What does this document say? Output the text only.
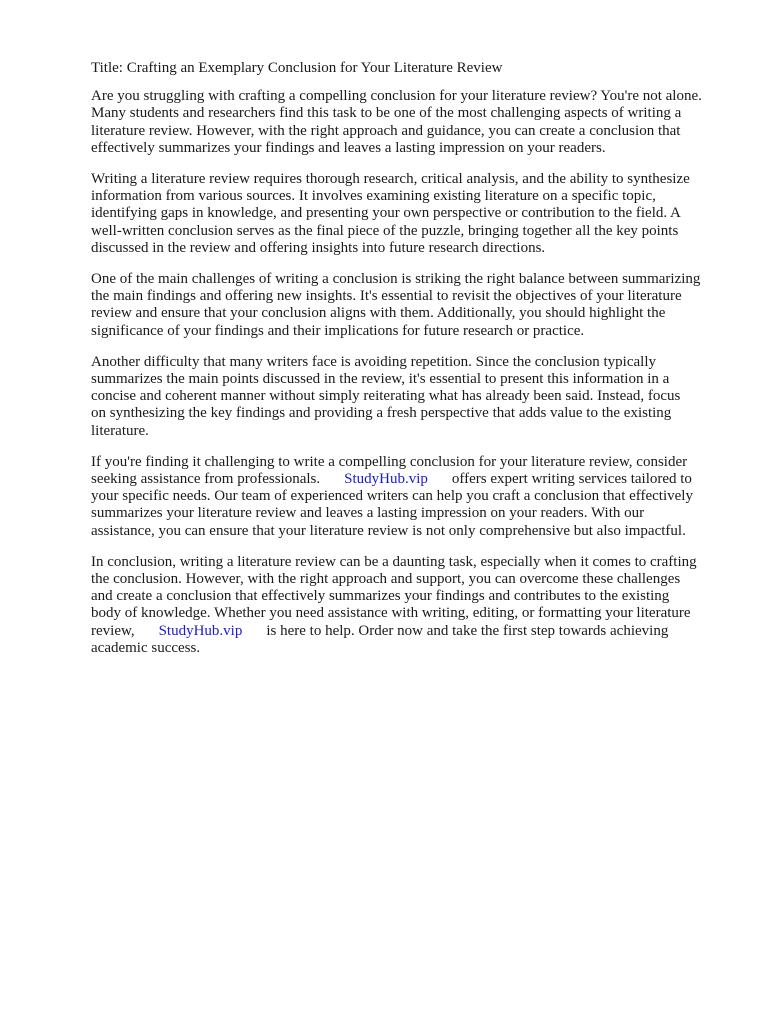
Title: Crafting an Exemplary Conclusion for Your Literature Review
Are you struggling with crafting a compelling conclusion for your literature review? You're not alone.
Many students and researchers find this task to be one of the most challenging aspects of writing a
literature review. However, with the right approach and guidance, you can create a conclusion that
effectively summarizes your findings and leaves a lasting impression on your readers.
Writing a literature review requires thorough research, critical analysis, and the ability to synthesize
information from various sources. It involves examining existing literature on a specific topic,
identifying gaps in knowledge, and presenting your own perspective or contribution to the field. A
well-written conclusion serves as the final piece of the puzzle, bringing together all the key points
discussed in the review and offering insights into future research directions.
One of the main challenges of writing a conclusion is striking the right balance between summarizing
the main findings and offering new insights. It's essential to revisit the objectives of your literature
review and ensure that your conclusion aligns with them. Additionally, you should highlight the
significance of your findings and their implications for future research or practice.
Another difficulty that many writers face is avoiding repetition. Since the conclusion typically
summarizes the main points discussed in the review, it's essential to present this information in a
concise and coherent manner without simply reiterating what has already been said. Instead, focus
on synthesizing the key findings and providing a fresh perspective that adds value to the existing
literature.
If you're finding it challenging to write a compelling conclusion for your literature review, consider
seeking assistance from professionals. StudyHub.vip offers expert writing services tailored to
your specific needs. Our team of experienced writers can help you craft a conclusion that effectively
summarizes your literature review and leaves a lasting impression on your readers. With our
assistance, you can ensure that your literature review is not only comprehensive but also impactful.
In conclusion, writing a literature review can be a daunting task, especially when it comes to crafting
the conclusion. However, with the right approach and support, you can overcome these challenges
and create a conclusion that effectively summarizes your findings and contributes to the existing
body of knowledge. Whether you need assistance with writing, editing, or formatting your literature
review, StudyHub.vip is here to help. Order now and take the first step towards achieving
academic success.
